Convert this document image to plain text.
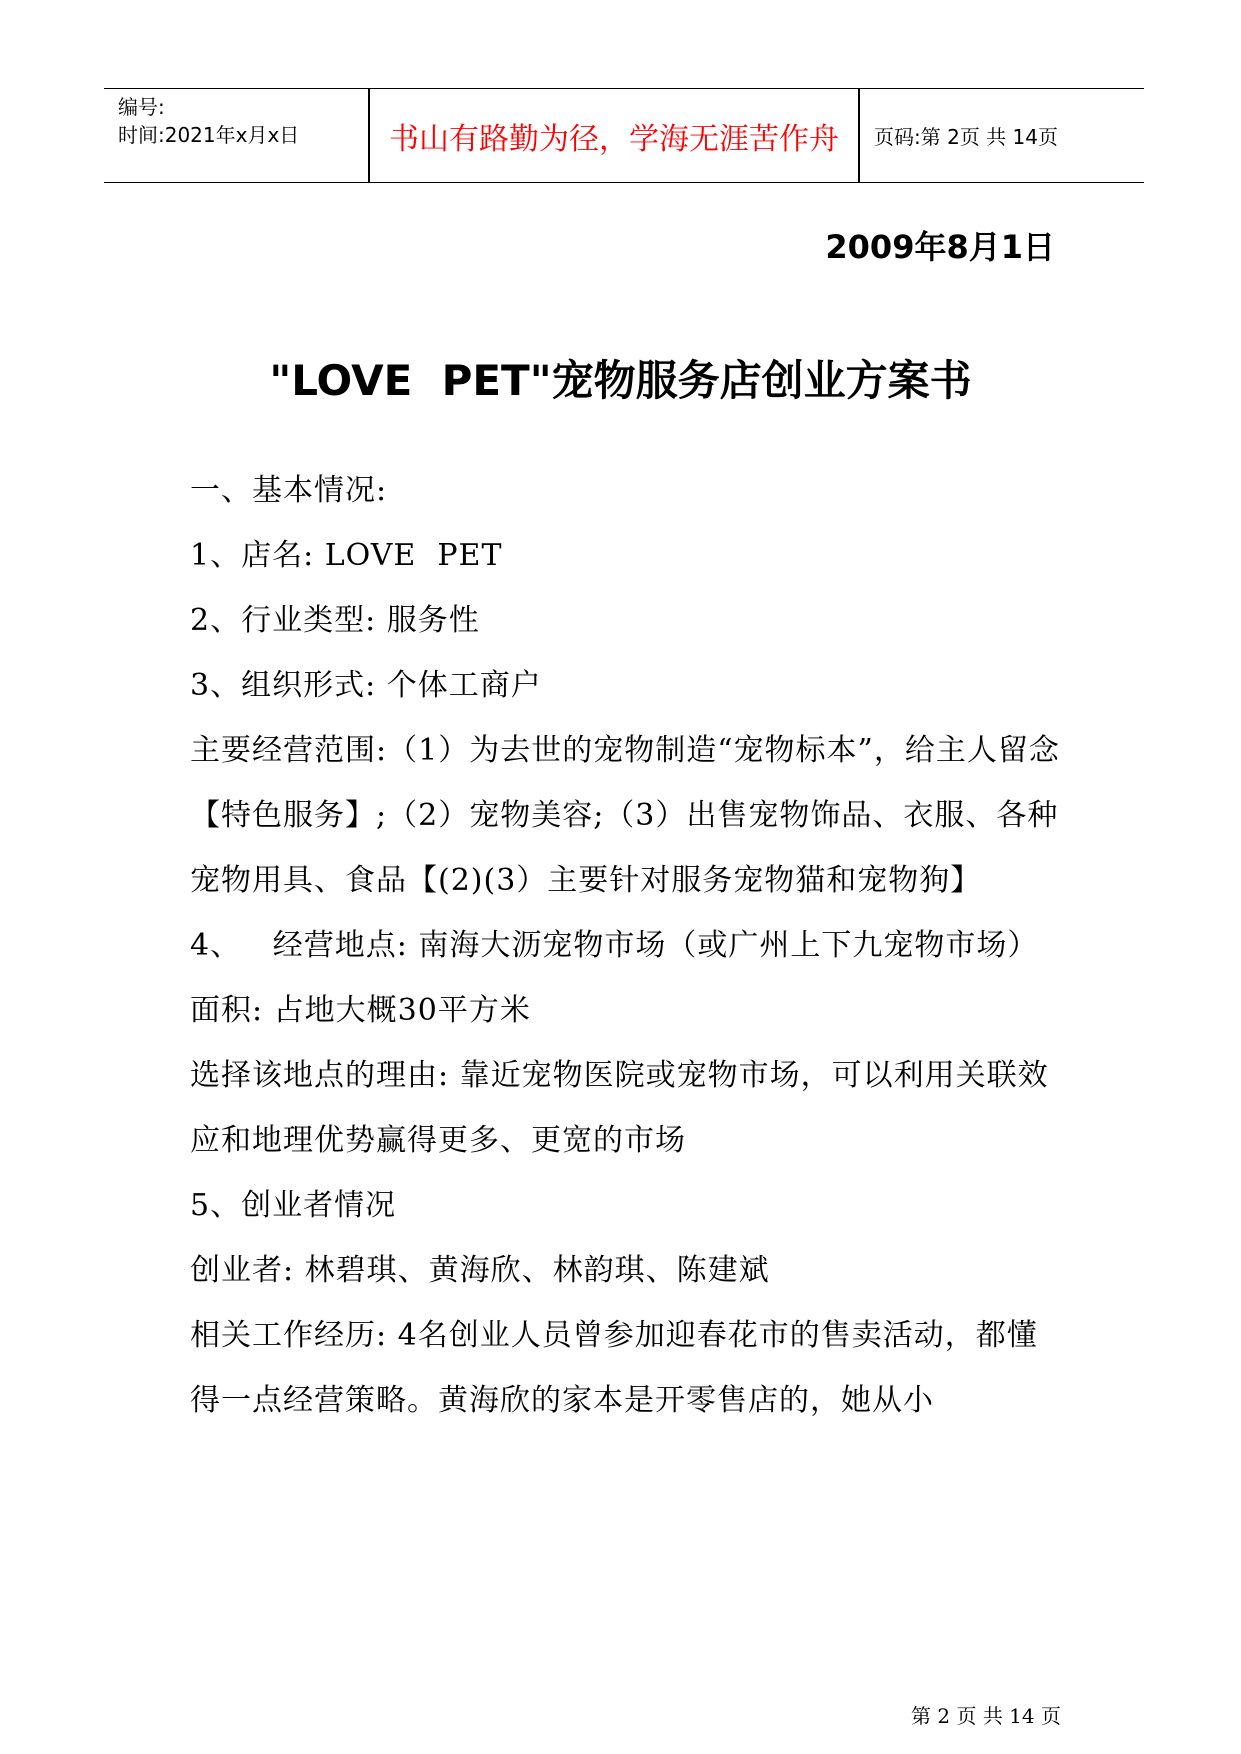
编号:
时间:2021年x月x日	书山有路勤为径，学海无涯苦作舟	页码:第 2页 共 14页
2009年8月1日
"LOVE  PET"宠物服务店创业方案书

一、基本情况:

1、店名: LOVE  PET

2、行业类型: 服务性

3、组织形式: 个体工商户

主要经营范围:（1）为去世的宠物制造“宠物标本”，给主人留念【特色服务】;（2）宠物美容;（3）出售宠物饰品、衣服、各种宠物用具、食品【(2)(3）主要针对服务宠物猫和宠物狗】

4、   经营地点: 南海大沥宠物市场（或广州上下九宠物市场）

面积: 占地大概30平方米

选择该地点的理由: 靠近宠物医院或宠物市场，可以利用关联效应和地理优势赢得更多、更宽的市场

5、创业者情况

创业者: 林碧琪、黄海欣、林韵琪、陈建斌

相关工作经历: 4名创业人员曾参加迎春花市的售卖活动，都懂得一点经营策略。黄海欣的家本是开零售店的，她从小

第 2 页 共 14 页
